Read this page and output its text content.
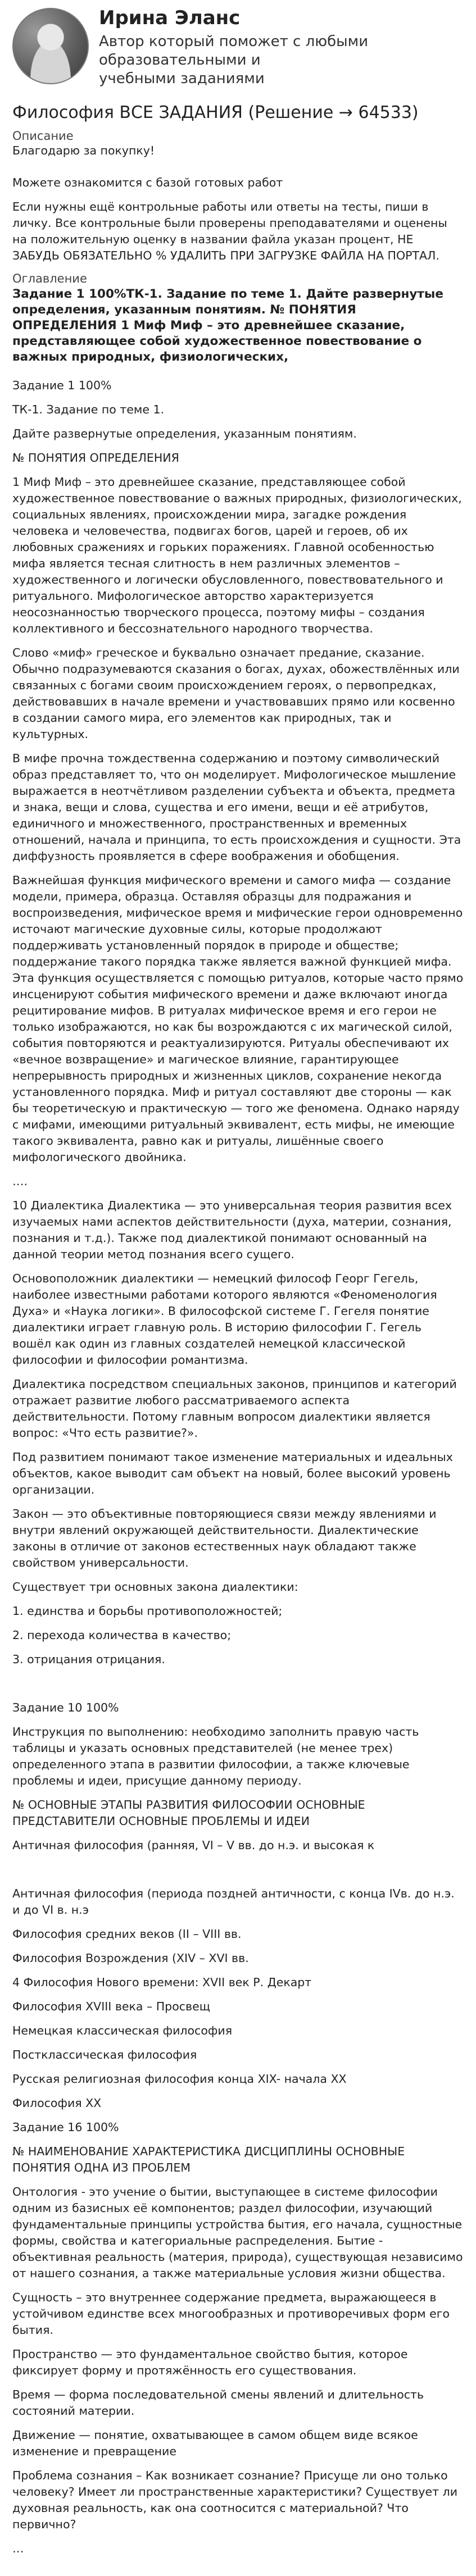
Ирина Эланс
Автор который поможет с любыми образовательными и
учебными заданиями
Философия ВСЕ ЗАДАНИЯ (Решение → 64533)
Описание

Благодарю за покупку!

Можете ознакомится с базой готовых работ

Если нужны ещё контрольные работы или ответы на тесты, пиши в личку. Все контрольные были проверены преподавателями и оценены на положительную оценку в названии файла указан процент, НЕ ЗАБУДЬ ОБЯЗАТЕЛЬНО % УДАЛИТЬ ПРИ ЗАГРУЗКЕ ФАЙЛА НА ПОРТАЛ.

Оглавление
Задание 1 100%ТК-1. Задание по теме 1. Дайте развернутые определения, указанным понятиям. № ПОНЯТИЯ ОПРЕДЕЛЕНИЯ 1 Миф Миф – это древнейшее сказание, представляющее собой художественное повествование о важных природных, физиологических,

Задание 1 100%

ТК-1. Задание по теме 1.

Дайте развернутые определения, указанным понятиям.

№ ПОНЯТИЯ ОПРЕДЕЛЕНИЯ

1 Миф Миф – это древнейшее сказание, представляющее собой художественное повествование о важных природных, физиологических, социальных явлениях, происхождении мира, загадке рождения человека и человечества, подвигах богов, царей и героев, об их любовных сражениях и горьких поражениях. Главной особенностью мифа является тесная слитность в нем различных элементов – художественного и логически обусловленного, повествовательного и ритуального. Мифологическое авторство характеризуется неосознанностью творческого процесса, поэтому мифы – создания коллективного и бессознательного народного творчества.

Слово «миф» греческое и буквально означает предание, сказание. Обычно подразумеваются сказания о богах, духах, обожествлённых или связанных с богами своим происхождением героях, о первопредках, действовавших в начале времени и участвовавших прямо или косвенно в создании самого мира, его элементов как природных, так и культурных.

В мифе прочна тождественна содержанию и поэтому символический образ представляет то, что он моделирует. Мифологическое мышление выражается в неотчётливом разделении субъекта и объекта, предмета и знака, вещи и слова, существа и его имени, вещи и её атрибутов, единичного и множественного, пространственных и временных отношений, начала и принципа, то есть происхождения и сущности. Эта диффузность проявляется в сфере воображения и обобщения.

Важнейшая функция мифического времени и самого мифа — создание модели, примера, образца. Оставляя образцы для подражания и воспроизведения, мифическое время и мифические герои одновременно источают магические духовные силы, которые продолжают поддерживать установленный порядок в природе и обществе; поддержание такого порядка также является важной функцией мифа. Эта функция осуществляется с помощью ритуалов, которые часто прямо инсценируют события мифического времени и даже включают иногда рецитирование мифов. В ритуалах мифическое время и его герои не только изображаются, но как бы возрождаются с их магической силой, события повторяются и реактуализируются. Ритуалы обеспечивают их «вечное возвращение» и магическое влияние, гарантирующее непрерывность природных и жизненных циклов, сохранение некогда установленного порядка. Миф и ритуал составляют две стороны — как бы теоретическую и практическую — того же феномена. Однако наряду с мифами, имеющими ритуальный эквивалент, есть мифы, не имеющие такого эквивалента, равно как и ритуалы, лишённые своего мифологического двойника.

….

10 Диалектика Диалектика — это универсальная теория развития всех изучаемых нами аспектов действительности (духа, материи, сознания, познания и т.д.). Также под диалектикой понимают основанный на данной теории метод познания всего сущего.

Основоположник диалектики — немецкий философ Георг Гегель, наиболее известными работами которого являются «Феноменология Духа» и «Наука логики». В философской системе Г. Гегеля понятие диалектики играет главную роль. В историю философии Г. Гегель вошёл как один из главных создателей немецкой классической философии и философии романтизма.

Диалектика посредством специальных законов, принципов и категорий отражает развитие любого рассматриваемого аспекта действительности. Потому главным вопросом диалектики является вопрос: «Что есть развитие?».

Под развитием понимают такое изменение материальных и идеальных объектов, какое выводит сам объект на новый, более высокий уровень организации.

Закон — это объективные повторяющиеся связи между явлениями и внутри явлений окружающей действительности. Диалектические законы в отличие от законов естественных наук обладают также свойством универсальности.

Существует три основных закона диалектики:

1. единства и борьбы противоположностей;

2. перехода количества в качество;

3. отрицания отрицания.

Задание 10 100%

Инструкция по выполнению: необходимо заполнить правую часть таблицы и указать основных представителей (не менее трех) определенного этапа в развитии философии, а также ключевые проблемы и идеи, присущие данному периоду.

№ ОСНОВНЫЕ ЭТАПЫ РАЗВИТИЯ ФИЛОСОФИИ ОСНОВНЫЕ ПРЕДСТАВИТЕЛИ ОСНОВНЫЕ ПРОБЛЕМЫ И ИДЕИ

Античная философия (ранняя, VI – V вв. до н.э. и высокая к

Античная философия (периода поздней античности, с конца IVв. до н.э. и до VI в. н.э

Философия средних веков (II – VIII вв.

Философия Возрождения (XIV – XVI вв.

4 Философия Нового времени: XVII век Р. Декарт

Философия XVIII века – Просвещ

Немецкая классическая философия

Постклассическая философия

Русская религиозная философия конца XIX- начала XX

Философия XX

Задание 16 100%

№ НАИМЕНОВАНИЕ ХАРАКТЕРИСТИКА ДИСЦИПЛИНЫ ОСНОВНЫЕ ПОНЯТИЯ ОДНА ИЗ ПРОБЛЕМ

Онтология - это учение о бытии, выступающее в системе философии одним из базисных её компонентов; раздел философии, изучающий фундаментальные принципы устройства бытия, его начала, сущностные формы, свойства и категориальные распределения. Бытие - объективная реальность (материя, природа), существующая независимо от нашего сознания, а также материальные условия жизни общества.

Сущность – это внутреннее содержание предмета, выражающееся в устойчивом единстве всех многообразных и противоречивых форм его бытия.

Пространство — это фундаментальное свойство бытия, которое фиксирует форму и протяжённость его существования.

Время — форма последовательной смены явлений и длительность состояний материи.

Движение — понятие, охватывающее в самом общем виде всякое изменение и превращение

Проблема сознания – Как возникает сознание? Присуще ли оно только человеку? Имеет ли пространственные характеристики? Существует ли духовная реальность, как она соотносится с материальной? Что первично?

…
